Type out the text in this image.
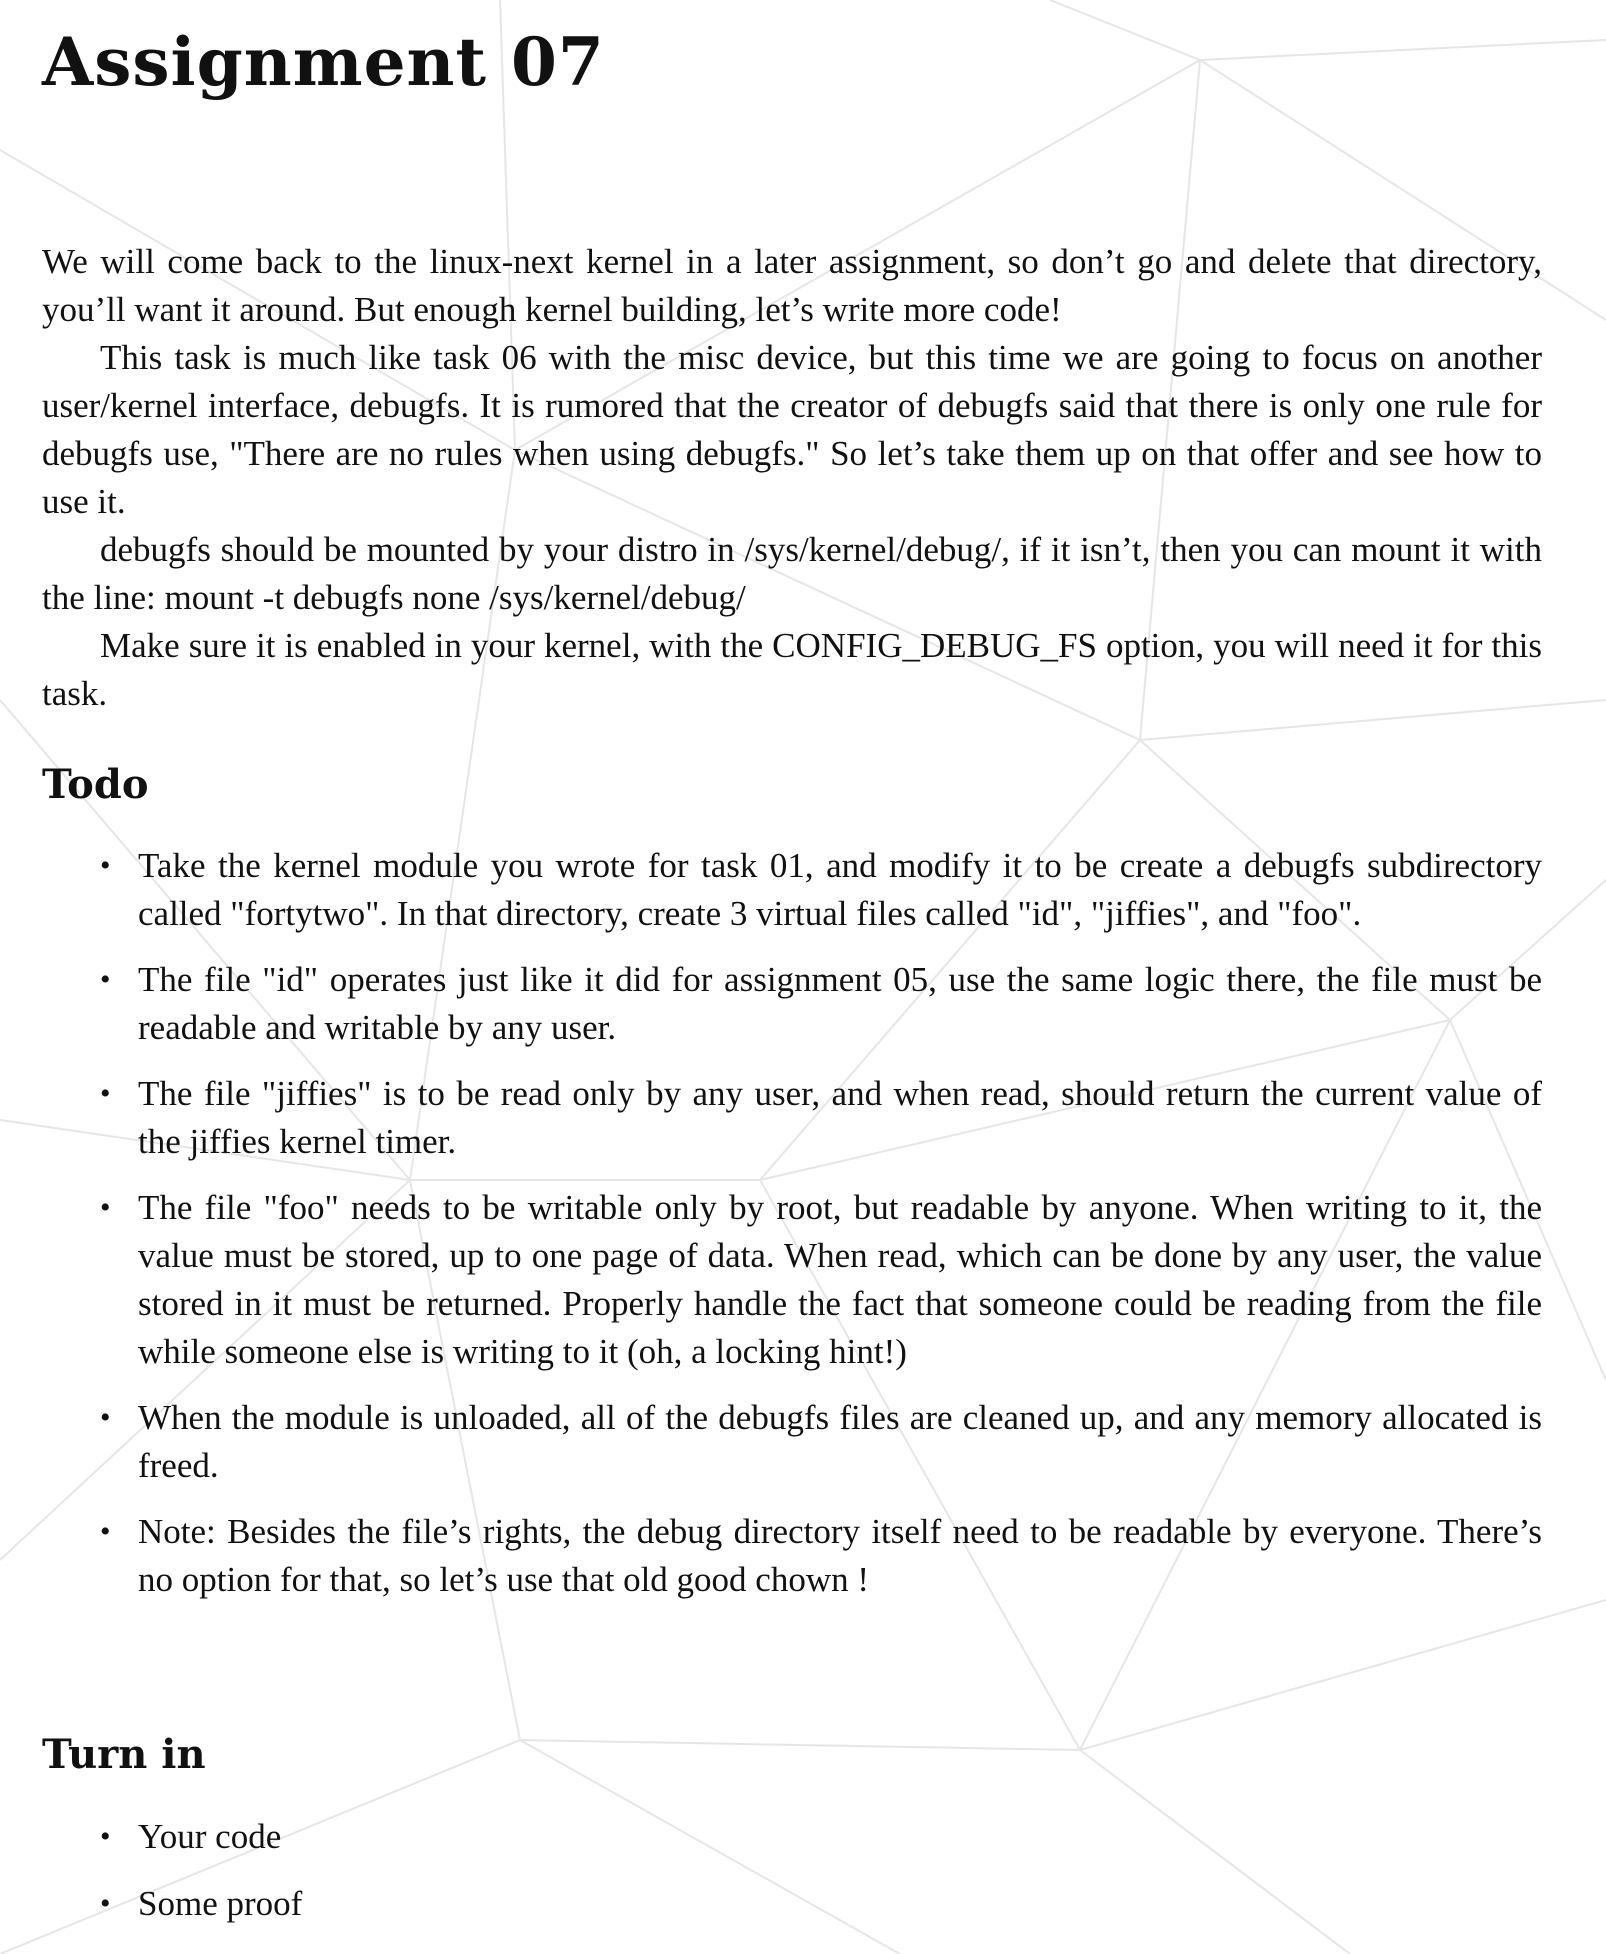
Assignment 07

We will come back to the linux-next kernel in a later assignment, so don’t go and delete that directory, you’ll want it around. But enough kernel building, let’s write more code!

This task is much like task 06 with the misc device, but this time we are going to focus on another user/kernel interface, debugfs. It is rumored that the creator of debugfs said that there is only one rule for debugfs use, "There are no rules when using debugfs." So let’s take them up on that offer and see how to use it.

debugfs should be mounted by your distro in /sys/kernel/debug/, if it isn’t, then you can mount it with the line: mount -t debugfs none /sys/kernel/debug/

Make sure it is enabled in your kernel, with the CONFIG_DEBUG_FS option, you will need it for this task.

Todo
• Take the kernel module you wrote for task 01, and modify it to be create a debugfs subdirectory called "fortytwo". In that directory, create 3 virtual files called "id", "jiffies", and "foo".
• The file "id" operates just like it did for assignment 05, use the same logic there, the file must be readable and writable by any user.
• The file "jiffies" is to be read only by any user, and when read, should return the current value of the jiffies kernel timer.
• The file "foo" needs to be writable only by root, but readable by anyone. When writing to it, the value must be stored, up to one page of data. When read, which can be done by any user, the value stored in it must be returned. Properly handle the fact that someone could be reading from the file while someone else is writing to it (oh, a locking hint!)
• When the module is unloaded, all of the debugfs files are cleaned up, and any memory allocated is freed.
• Note: Besides the file’s rights, the debug directory itself need to be readable by everyone. There’s no option for that, so let’s use that old good chown !
Turn in
• Your code
• Some proof
